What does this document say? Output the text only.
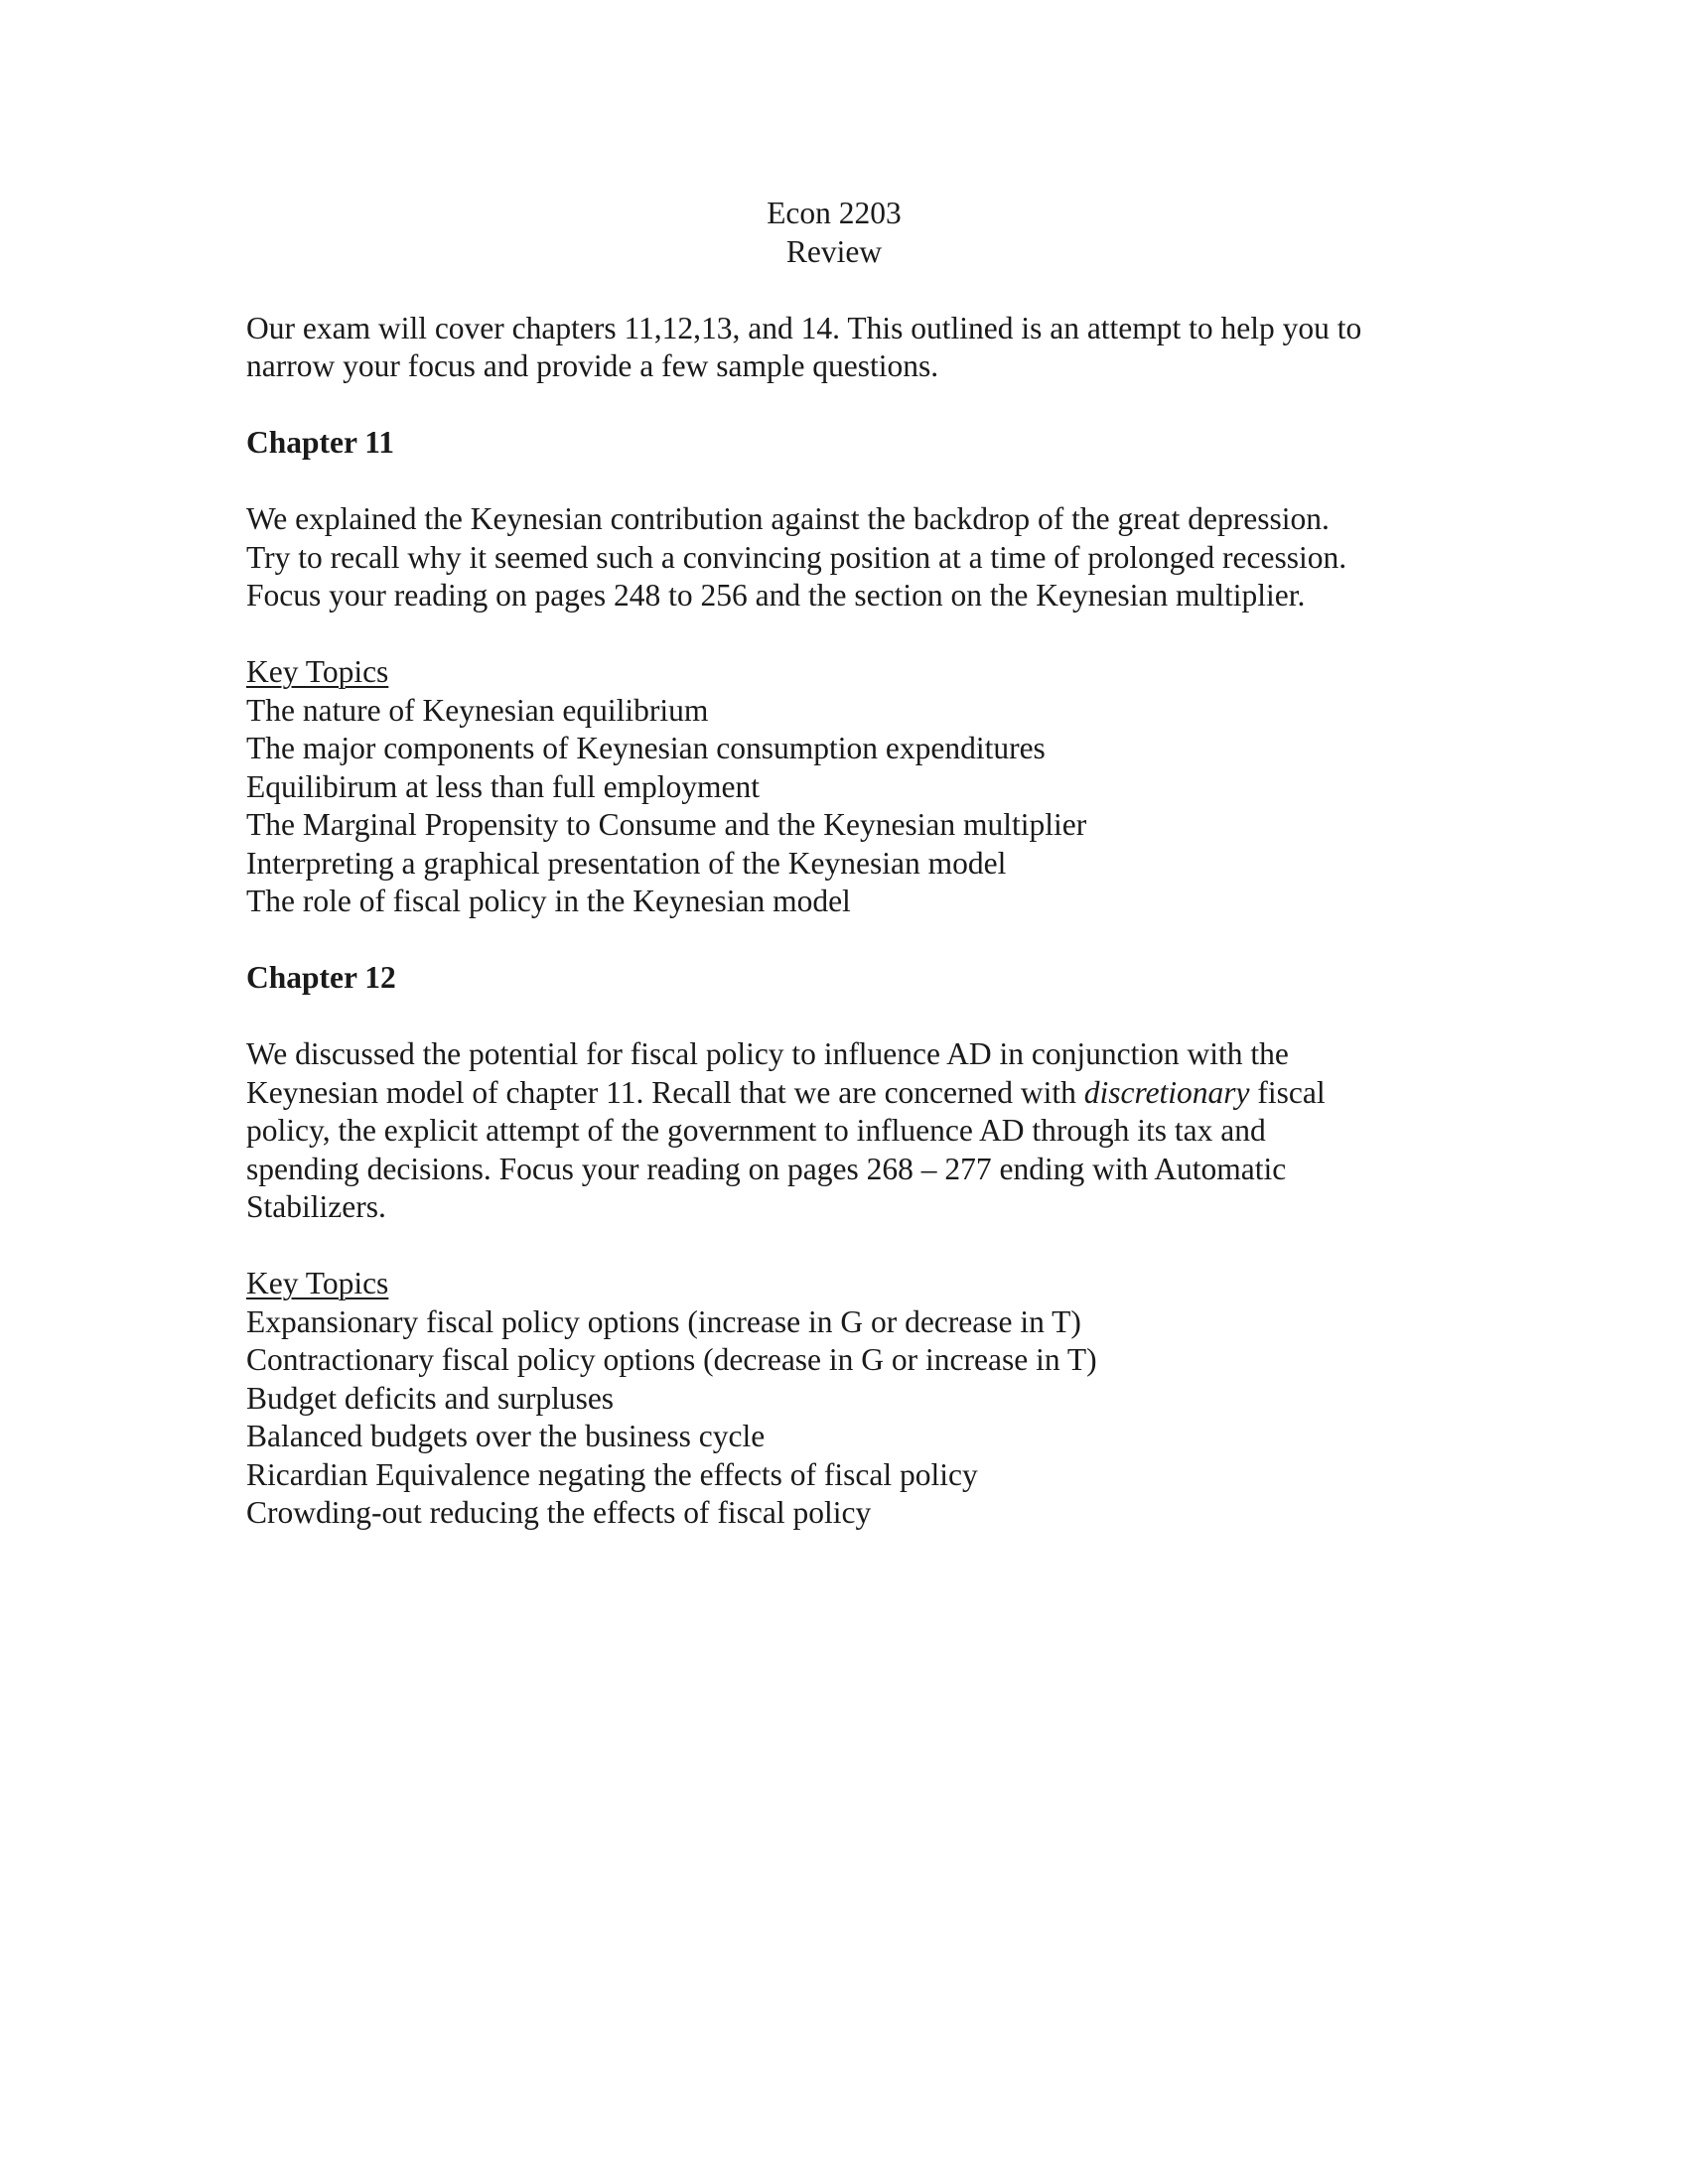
Econ 2203
Review
Our exam will cover chapters 11,12,13, and 14. This outlined is an attempt to help you to
narrow your focus and provide a few sample questions.

Chapter 11

We explained the Keynesian contribution against the backdrop of the great depression.
Try to recall why it seemed such a convincing position at a time of prolonged recession.
Focus your reading on pages 248 to 256 and the section on the Keynesian multiplier.
Key Topics
The nature of Keynesian equilibrium
The major components of Keynesian consumption expenditures
Equilibirum at less than full employment
The Marginal Propensity to Consume and the Keynesian multiplier
Interpreting a graphical presentation of the Keynesian model
The role of fiscal policy in the Keynesian model

Chapter 12

We discussed the potential for fiscal policy to influence AD in conjunction with the
Keynesian model of chapter 11. Recall that we are concerned with discretionary fiscal
policy, the explicit attempt of the government to influence AD through its tax and
spending decisions. Focus your reading on pages 268 – 277 ending with Automatic
Stabilizers.
Key Topics
Expansionary fiscal policy options (increase in G or decrease in T)
Contractionary fiscal policy options (decrease in G or increase in T)
Budget deficits and surpluses
Balanced budgets over the business cycle
Ricardian Equivalence negating the effects of fiscal policy
Crowding-out reducing the effects of fiscal policy
